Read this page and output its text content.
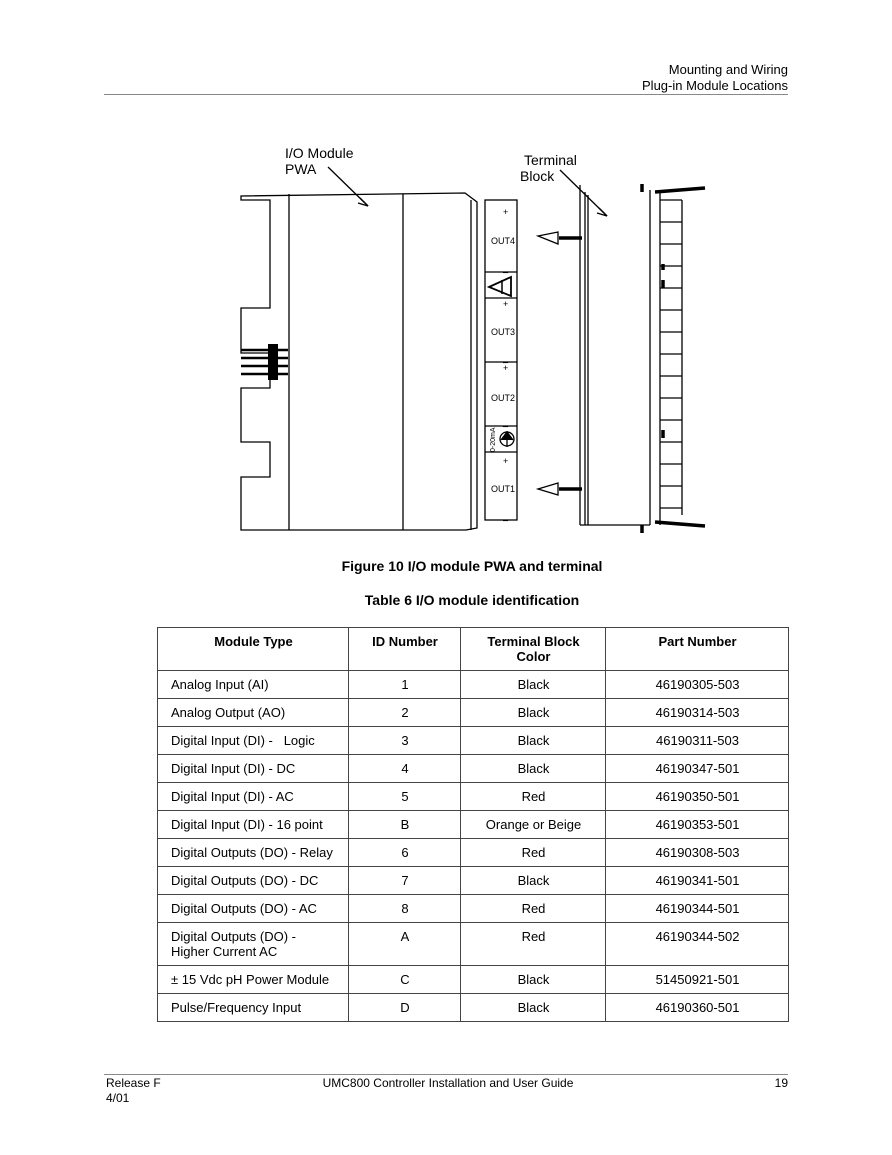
Mounting and Wiring
Plug-in Module Locations
I/O Module
PWA
Terminal
Block
+
OUT4
_
+
OUT3
_
+
OUT2
_
+
OUT1
_
0-20mA
Figure 10 I/O module PWA and terminal
Table 6 I/O module identification
Module Type	ID Number	Terminal Block Color	Part Number
Analog Input (AI)	1	Black	46190305-503
Analog Output (AO)	2	Black	46190314-503
Digital Input (DI) -   Logic	3	Black	46190311-503
Digital Input (DI) - DC	4	Black	46190347-501
Digital Input (DI) - AC	5	Red	46190350-501
Digital Input (DI) - 16 point	B	Orange or Beige	46190353-501
Digital Outputs (DO) - Relay	6	Red	46190308-503
Digital Outputs (DO) - DC	7	Black	46190341-501
Digital Outputs (DO) - AC	8	Red	46190344-501
Digital Outputs (DO) - Higher Current AC	A	Red	46190344-502
± 15 Vdc pH Power Module	C	Black	51450921-501
Pulse/Frequency Input	D	Black	46190360-501
Release F
4/01
UMC800 Controller Installation and User Guide	19
